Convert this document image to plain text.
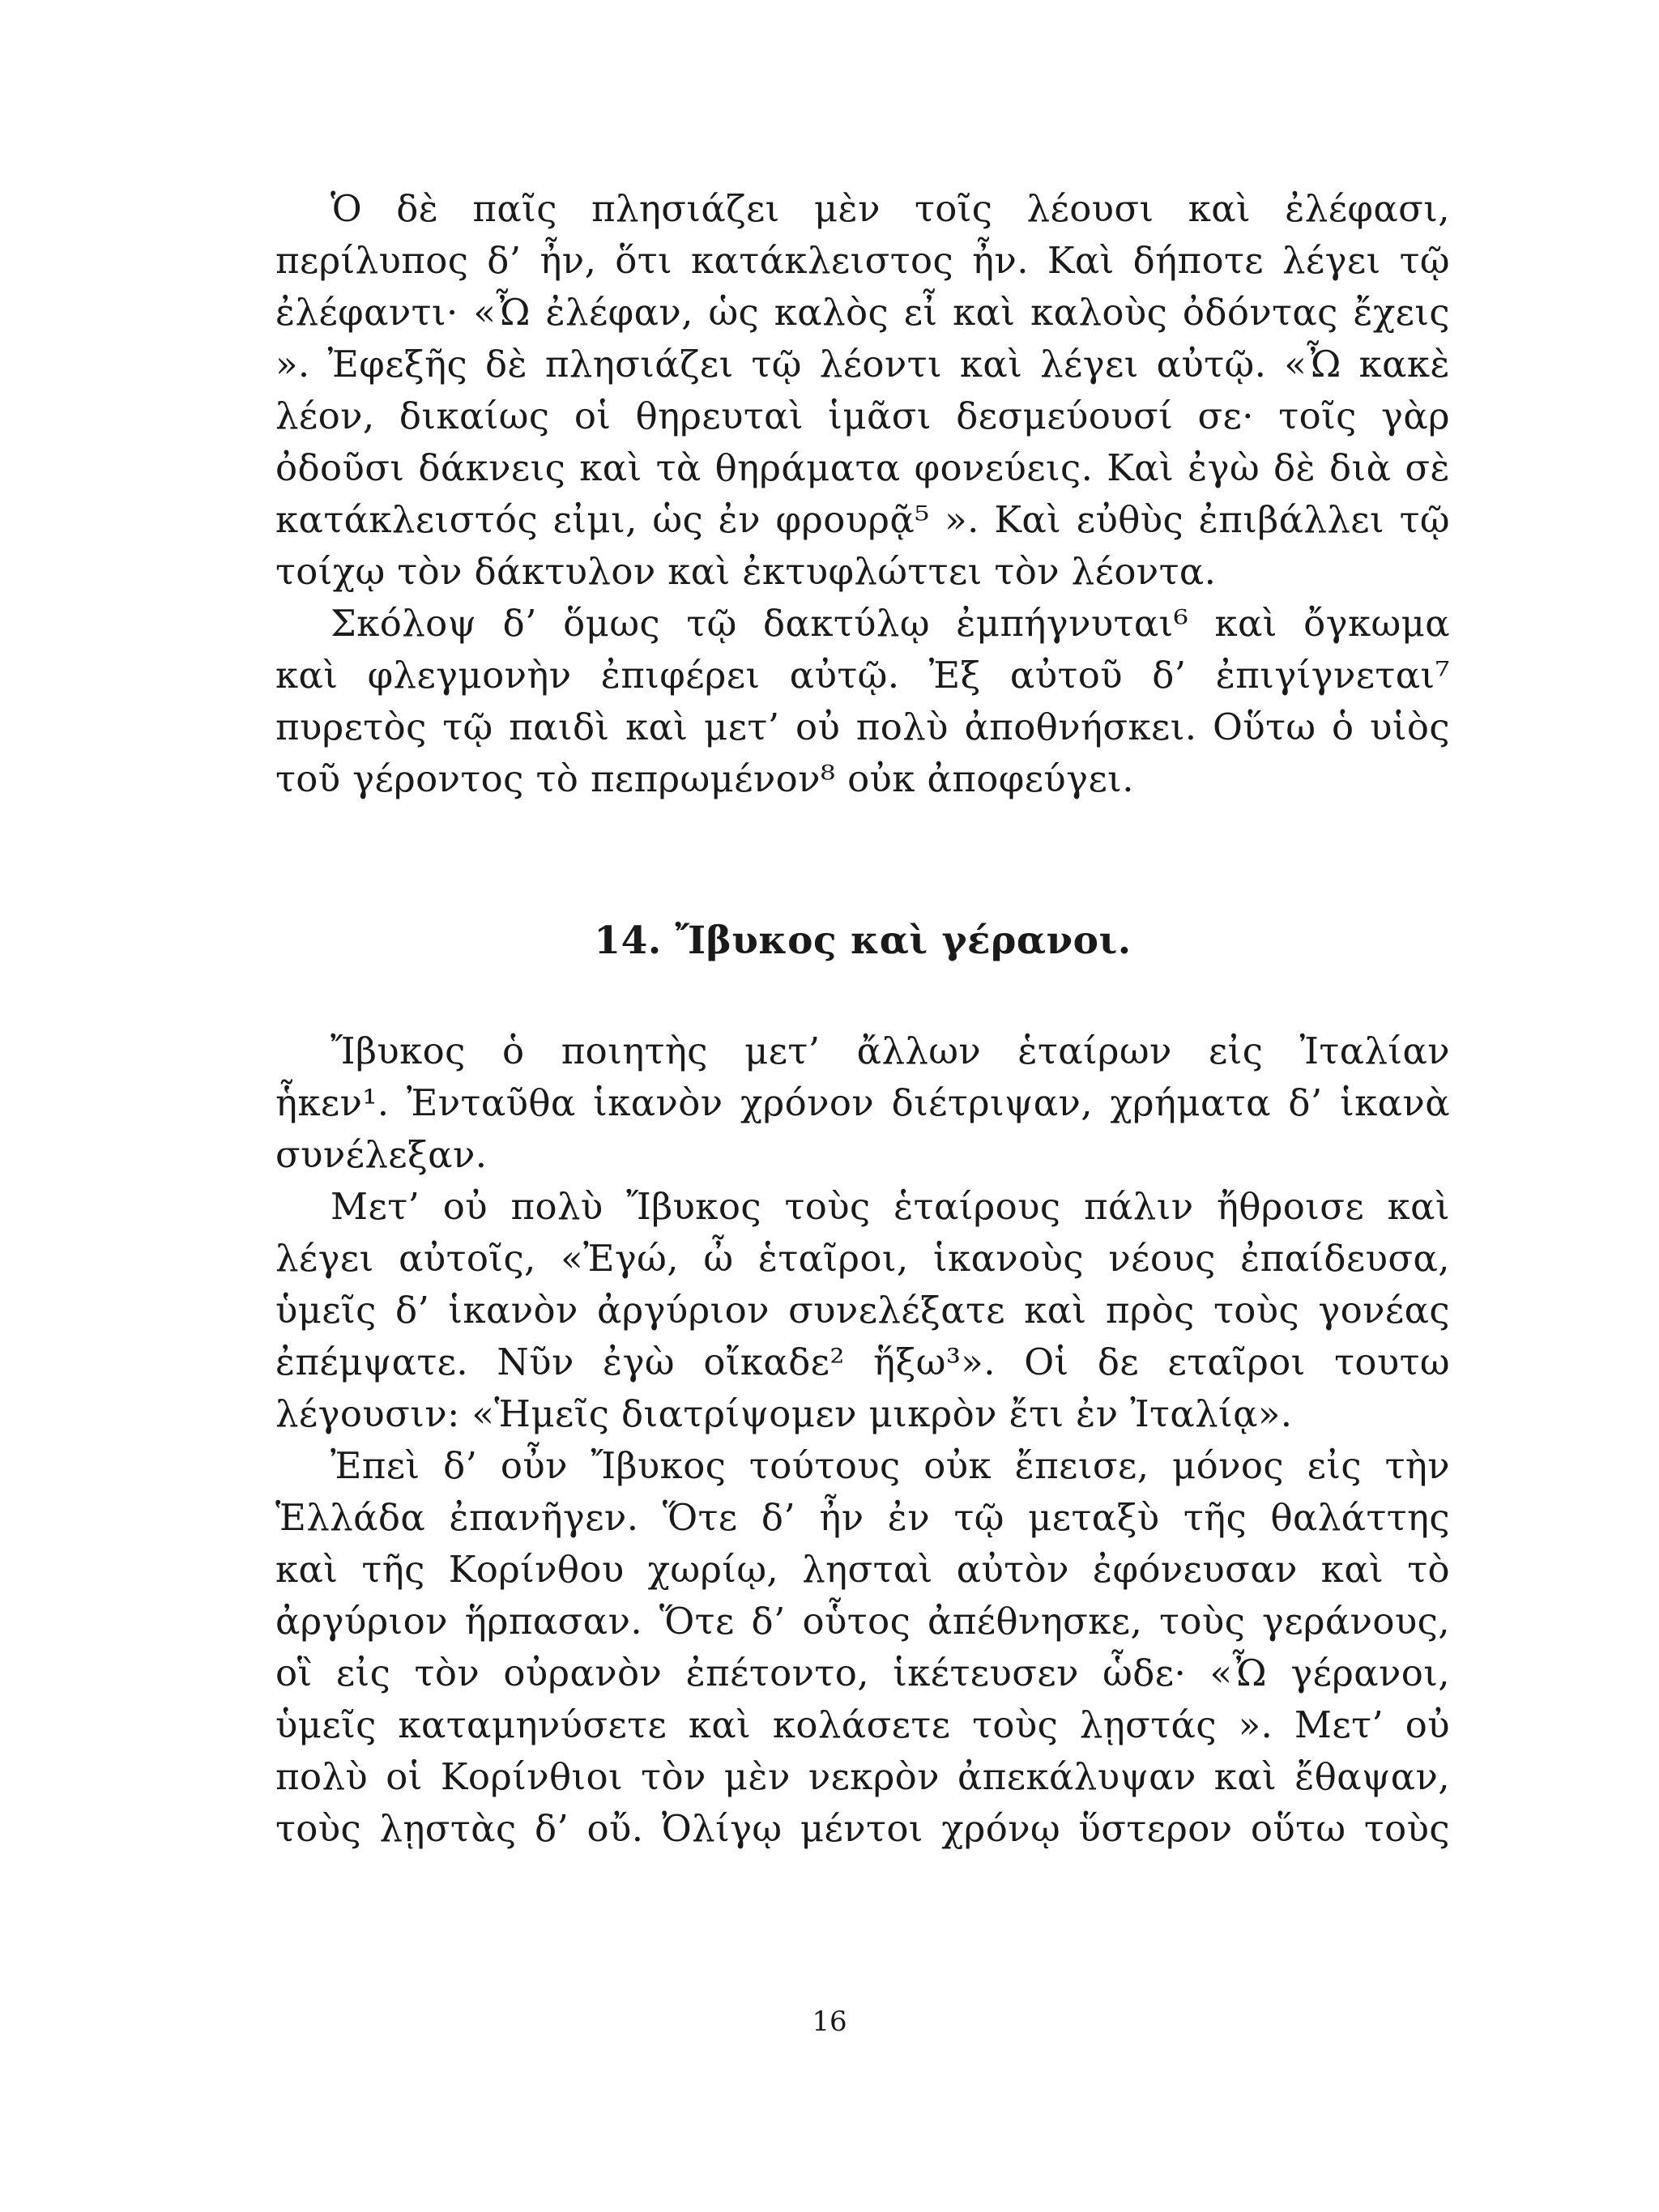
Ὁ δὲ παῖς πλησιάζει μὲν τοῖς λέουσι καὶ ἐλέφασι,
περίλυπος δ’ ἦν, ὅτι κατάκλειστος ἦν. Καὶ δήποτε λέγει τῷ
ἐλέφαντι· «Ὦ ἐλέφαν, ὡς καλὸς εἶ καὶ καλοὺς ὀδόντας ἔχεις
». Ἐφεξῆς δὲ πλησιάζει τῷ λέοντι καὶ λέγει αὐτῷ. «Ὦ κακὲ
λέον, δικαίως οἱ θηρευταὶ ἱμᾶσι δεσμεύουσί σε· τοῖς γὰρ
ὀδοῦσι δάκνεις καὶ τὰ θηράματα φονεύεις. Καὶ ἐγὼ δὲ διὰ σὲ
κατάκλειστός εἰμι, ὡς ἐν φρουρᾷ⁵ ». Καὶ εὐθὺς ἐπιβάλλει τῷ
τοίχῳ τὸν δάκτυλον καὶ ἐκτυφλώττει τὸν λέοντα.
Σκόλοψ δ’ ὅμως τῷ δακτύλῳ ἐμπήγνυται⁶ καὶ ὄγκωμα
καὶ φλεγμονὴν ἐπιφέρει αὐτῷ. Ἐξ αὐτοῦ δ’ ἐπιγίγνεται⁷
πυρετὸς τῷ παιδὶ καὶ μετ’ οὐ πολὺ ἀποθνήσκει. Οὕτω ὁ υἱὸς
τοῦ γέροντος τὸ πεπρωμένον⁸ οὐκ ἀποφεύγει.
14. Ἴβυκος καὶ γέρανοι.
Ἴβυκος ὁ ποιητὴς μετ’ ἄλλων ἑταίρων εἰς Ἰταλίαν
ἧκεν¹. Ἐνταῦθα ἱκανὸν χρόνον διέτριψαν, χρήματα δ’ ἱκανὰ
συνέλεξαν.
Μετ’ οὐ πολὺ Ἴβυκος τοὺς ἑταίρους πάλιν ἤθροισε καὶ
λέγει αὐτοῖς, «Ἐγώ, ὦ ἑταῖροι, ἱκανοὺς νέους ἐπαίδευσα,
ὑμεῖς δ’ ἱκανὸν ἀργύριον συνελέξατε καὶ πρὸς τοὺς γονέας
ἐπέμψατε. Νῦν ἐγὼ οἴκαδε² ἥξω³». Οἱ δε εταῖροι τουτω
λέγουσιν: «Ἡμεῖς διατρίψομεν μικρὸν ἔτι ἐν Ἰταλίᾳ».
Ἐπεὶ δ’ οὖν Ἴβυκος τούτους οὐκ ἔπεισε, μόνος εἰς τὴν
Ἑλλάδα ἐπανῆγεν. Ὅτε δ’ ἦν ἐν τῷ μεταξὺ τῆς θαλάττης
καὶ τῆς Κορίνθου χωρίῳ, λησταὶ αὐτὸν ἐφόνευσαν καὶ τὸ
ἀργύριον ἥρπασαν. Ὅτε δ’ οὗτος ἀπέθνησκε, τοὺς γεράνους,
οἳ εἰς τὸν οὐρανὸν ἐπέτοντο, ἱκέτευσεν ὧδε· «Ὦ γέρανοι,
ὑμεῖς καταμηνύσετε καὶ κολάσετε τοὺς λῃστάς ». Μετ’ οὐ
πολὺ οἱ Κορίνθιοι τὸν μὲν νεκρὸν ἀπεκάλυψαν καὶ ἔθαψαν,
τοὺς λῃστὰς δ’ οὔ. Ὀλίγῳ μέντοι χρόνῳ ὕστερον οὕτω τοὺς
16
